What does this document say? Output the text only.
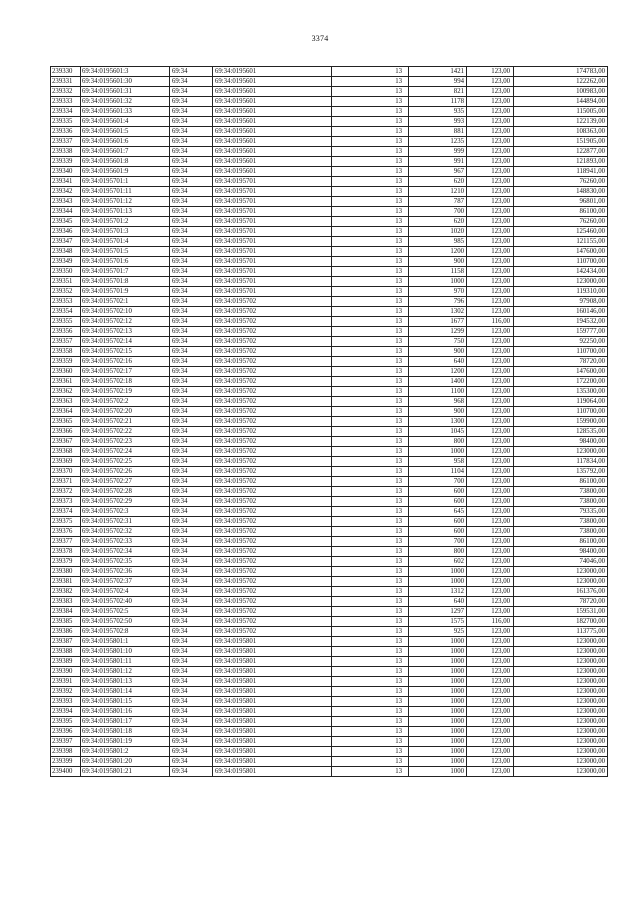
3374
239330	69:34:0195601:3	69:34	69:34:0195601	13	1421	123,00	174783,00
239331	69:34:0195601:30	69:34	69:34:0195601	13	994	123,00	122262,00
239332	69:34:0195601:31	69:34	69:34:0195601	13	821	123,00	100983,00
239333	69:34:0195601:32	69:34	69:34:0195601	13	1178	123,00	144894,00
239334	69:34:0195601:33	69:34	69:34:0195601	13	935	123,00	115005,00
239335	69:34:0195601:4	69:34	69:34:0195601	13	993	123,00	122139,00
239336	69:34:0195601:5	69:34	69:34:0195601	13	881	123,00	108363,00
239337	69:34:0195601:6	69:34	69:34:0195601	13	1235	123,00	151905,00
239338	69:34:0195601:7	69:34	69:34:0195601	13	999	123,00	122877,00
239339	69:34:0195601:8	69:34	69:34:0195601	13	991	123,00	121893,00
239340	69:34:0195601:9	69:34	69:34:0195601	13	967	123,00	118941,00
239341	69:34:0195701:1	69:34	69:34:0195701	13	620	123,00	76260,00
239342	69:34:0195701:11	69:34	69:34:0195701	13	1210	123,00	148830,00
239343	69:34:0195701:12	69:34	69:34:0195701	13	787	123,00	96801,00
239344	69:34:0195701:13	69:34	69:34:0195701	13	700	123,00	86100,00
239345	69:34:0195701:2	69:34	69:34:0195701	13	620	123,00	76260,00
239346	69:34:0195701:3	69:34	69:34:0195701	13	1020	123,00	125460,00
239347	69:34:0195701:4	69:34	69:34:0195701	13	985	123,00	121155,00
239348	69:34:0195701:5	69:34	69:34:0195701	13	1200	123,00	147600,00
239349	69:34:0195701:6	69:34	69:34:0195701	13	900	123,00	110700,00
239350	69:34:0195701:7	69:34	69:34:0195701	13	1158	123,00	142434,00
239351	69:34:0195701:8	69:34	69:34:0195701	13	1000	123,00	123000,00
239352	69:34:0195701:9	69:34	69:34:0195701	13	970	123,00	119310,00
239353	69:34:0195702:1	69:34	69:34:0195702	13	796	123,00	97908,00
239354	69:34:0195702:10	69:34	69:34:0195702	13	1302	123,00	160146,00
239355	69:34:0195702:12	69:34	69:34:0195702	13	1677	116,00	194532,00
239356	69:34:0195702:13	69:34	69:34:0195702	13	1299	123,00	159777,00
239357	69:34:0195702:14	69:34	69:34:0195702	13	750	123,00	92250,00
239358	69:34:0195702:15	69:34	69:34:0195702	13	900	123,00	110700,00
239359	69:34:0195702:16	69:34	69:34:0195702	13	640	123,00	78720,00
239360	69:34:0195702:17	69:34	69:34:0195702	13	1200	123,00	147600,00
239361	69:34:0195702:18	69:34	69:34:0195702	13	1400	123,00	172200,00
239362	69:34:0195702:19	69:34	69:34:0195702	13	1100	123,00	135300,00
239363	69:34:0195702:2	69:34	69:34:0195702	13	968	123,00	119064,00
239364	69:34:0195702:20	69:34	69:34:0195702	13	900	123,00	110700,00
239365	69:34:0195702:21	69:34	69:34:0195702	13	1300	123,00	159900,00
239366	69:34:0195702:22	69:34	69:34:0195702	13	1045	123,00	128535,00
239367	69:34:0195702:23	69:34	69:34:0195702	13	800	123,00	98400,00
239368	69:34:0195702:24	69:34	69:34:0195702	13	1000	123,00	123000,00
239369	69:34:0195702:25	69:34	69:34:0195702	13	958	123,00	117834,00
239370	69:34:0195702:26	69:34	69:34:0195702	13	1104	123,00	135792,00
239371	69:34:0195702:27	69:34	69:34:0195702	13	700	123,00	86100,00
239372	69:34:0195702:28	69:34	69:34:0195702	13	600	123,00	73800,00
239373	69:34:0195702:29	69:34	69:34:0195702	13	600	123,00	73800,00
239374	69:34:0195702:3	69:34	69:34:0195702	13	645	123,00	79335,00
239375	69:34:0195702:31	69:34	69:34:0195702	13	600	123,00	73800,00
239376	69:34:0195702:32	69:34	69:34:0195702	13	600	123,00	73800,00
239377	69:34:0195702:33	69:34	69:34:0195702	13	700	123,00	86100,00
239378	69:34:0195702:34	69:34	69:34:0195702	13	800	123,00	98400,00
239379	69:34:0195702:35	69:34	69:34:0195702	13	602	123,00	74046,00
239380	69:34:0195702:36	69:34	69:34:0195702	13	1000	123,00	123000,00
239381	69:34:0195702:37	69:34	69:34:0195702	13	1000	123,00	123000,00
239382	69:34:0195702:4	69:34	69:34:0195702	13	1312	123,00	161376,00
239383	69:34:0195702:40	69:34	69:34:0195702	13	640	123,00	78720,00
239384	69:34:0195702:5	69:34	69:34:0195702	13	1297	123,00	159531,00
239385	69:34:0195702:50	69:34	69:34:0195702	13	1575	116,00	182700,00
239386	69:34:0195702:8	69:34	69:34:0195702	13	925	123,00	113775,00
239387	69:34:0195801:1	69:34	69:34:0195801	13	1000	123,00	123000,00
239388	69:34:0195801:10	69:34	69:34:0195801	13	1000	123,00	123000,00
239389	69:34:0195801:11	69:34	69:34:0195801	13	1000	123,00	123000,00
239390	69:34:0195801:12	69:34	69:34:0195801	13	1000	123,00	123000,00
239391	69:34:0195801:13	69:34	69:34:0195801	13	1000	123,00	123000,00
239392	69:34:0195801:14	69:34	69:34:0195801	13	1000	123,00	123000,00
239393	69:34:0195801:15	69:34	69:34:0195801	13	1000	123,00	123000,00
239394	69:34:0195801:16	69:34	69:34:0195801	13	1000	123,00	123000,00
239395	69:34:0195801:17	69:34	69:34:0195801	13	1000	123,00	123000,00
239396	69:34:0195801:18	69:34	69:34:0195801	13	1000	123,00	123000,00
239397	69:34:0195801:19	69:34	69:34:0195801	13	1000	123,00	123000,00
239398	69:34:0195801:2	69:34	69:34:0195801	13	1000	123,00	123000,00
239399	69:34:0195801:20	69:34	69:34:0195801	13	1000	123,00	123000,00
239400	69:34:0195801:21	69:34	69:34:0195801	13	1000	123,00	123000,00
